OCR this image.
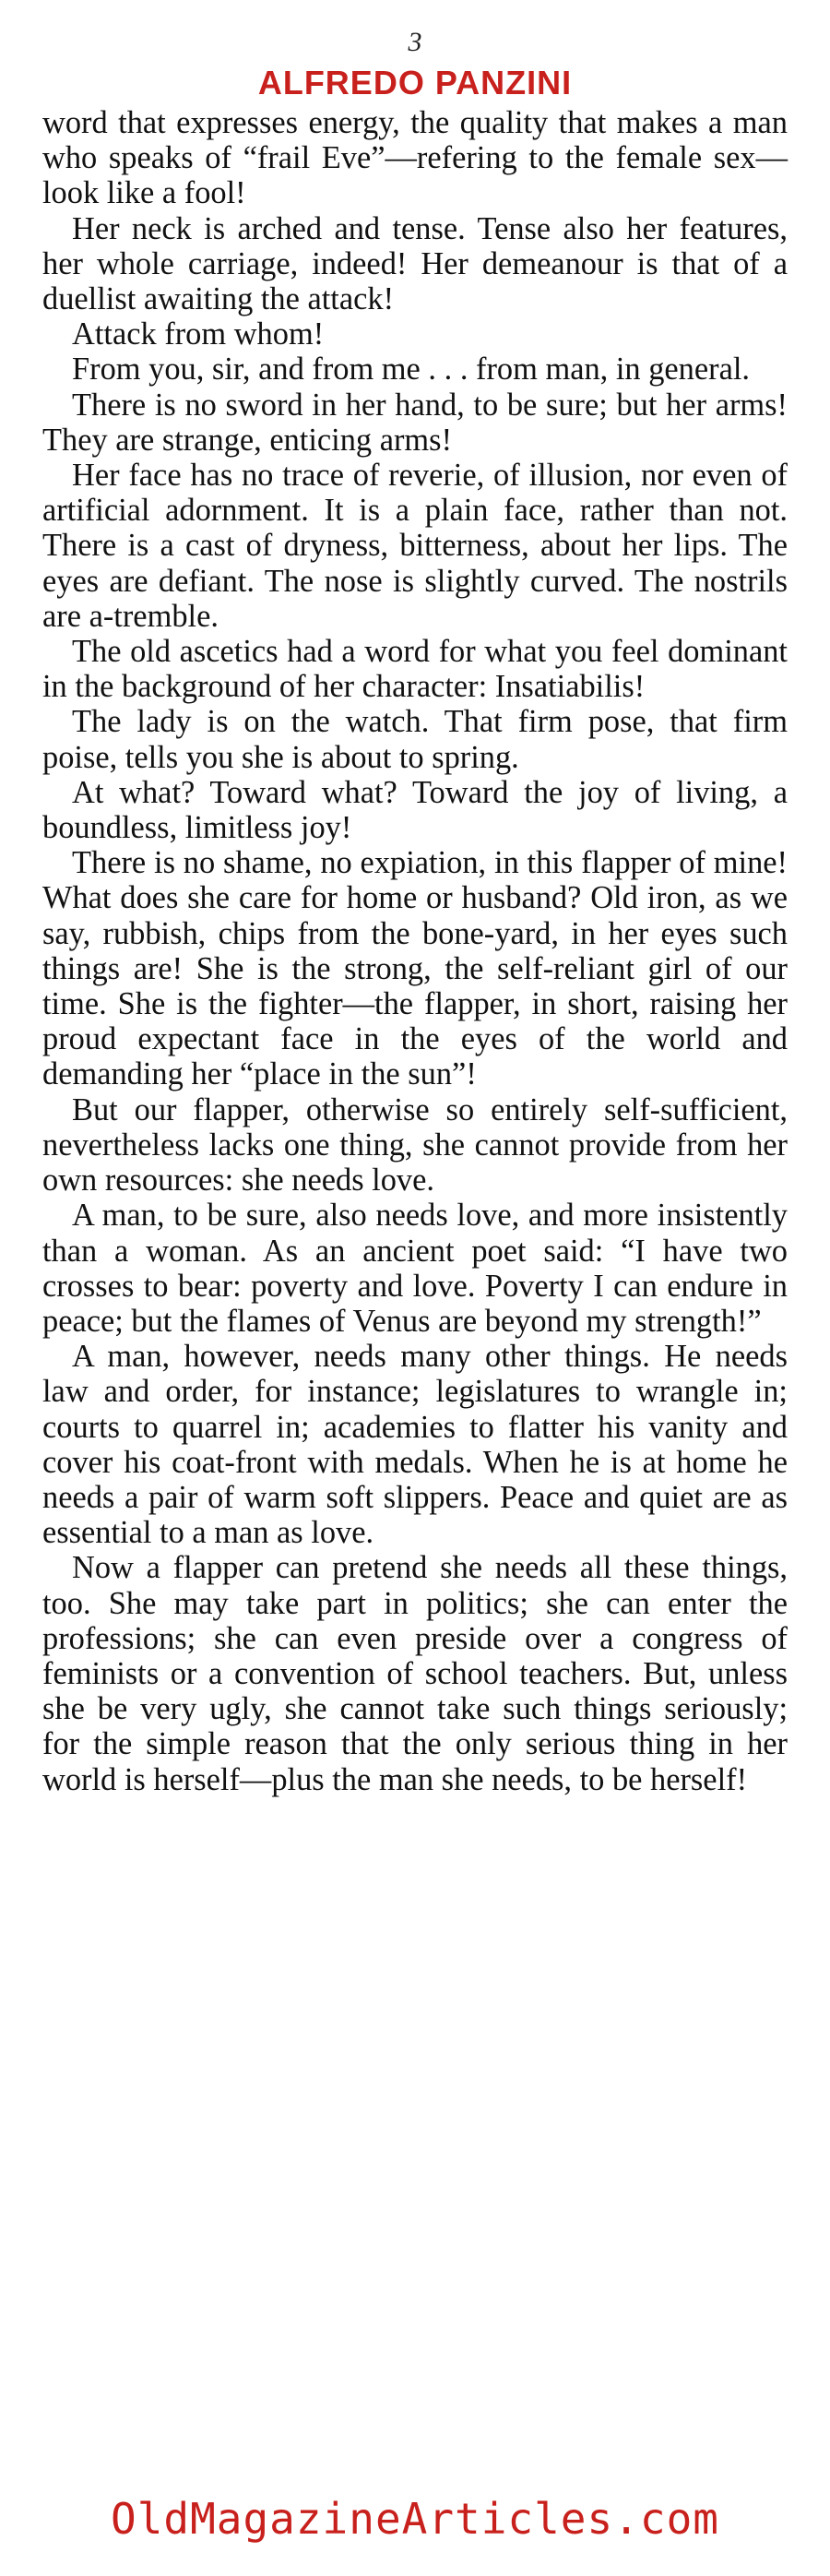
3
ALFREDO PANZINI

word that expresses energy, the quality that makes a man who speaks of “frail Eve”—refering to the female sex—look like a fool!

Her neck is arched and tense. Tense also her features, her whole carriage, indeed! Her demeanour is that of a duellist awaiting the attack!

Attack from whom!

From you, sir, and from me . . . from man, in general.

There is no sword in her hand, to be sure; but her arms! They are strange, enticing arms!

Her face has no trace of reverie, of illusion, nor even of artificial adornment. It is a plain face, rather than not. There is a cast of dryness, bitterness, about her lips. The eyes are defiant. The nose is slightly curved. The nostrils are a-tremble.

The old ascetics had a word for what you feel dominant in the background of her character: Insatiabilis!

The lady is on the watch. That firm pose, that firm poise, tells you she is about to spring.

At what? Toward what? Toward the joy of living, a boundless, limitless joy!

There is no shame, no expiation, in this flapper of mine! What does she care for home or husband? Old iron, as we say, rubbish, chips from the bone-yard, in her eyes such things are! She is the strong, the self-reliant girl of our time. She is the fighter—the flapper, in short, raising her proud expectant face in the eyes of the world and demanding her “place in the sun”!

But our flapper, otherwise so entirely self-sufficient, nevertheless lacks one thing, she cannot provide from her own resources: she needs love.

A man, to be sure, also needs love, and more insistently than a woman. As an ancient poet said: “I have two crosses to bear: poverty and love. Poverty I can endure in peace; but the flames of Venus are beyond my strength!”

A man, however, needs many other things. He needs law and order, for instance; legislatures to wrangle in; courts to quarrel in; academies to flatter his vanity and cover his coat-front with medals. When he is at home he needs a pair of warm soft slippers. Peace and quiet are as essential to a man as love.

Now a flapper can pretend she needs all these things, too. She may take part in politics; she can enter the professions; she can even preside over a congress of feminists or a convention of school teachers. But, unless she be very ugly, she cannot take such things seriously; for the simple reason that the only serious thing in her world is herself—plus the man she needs, to be herself!

OldMagazineArticles.com
